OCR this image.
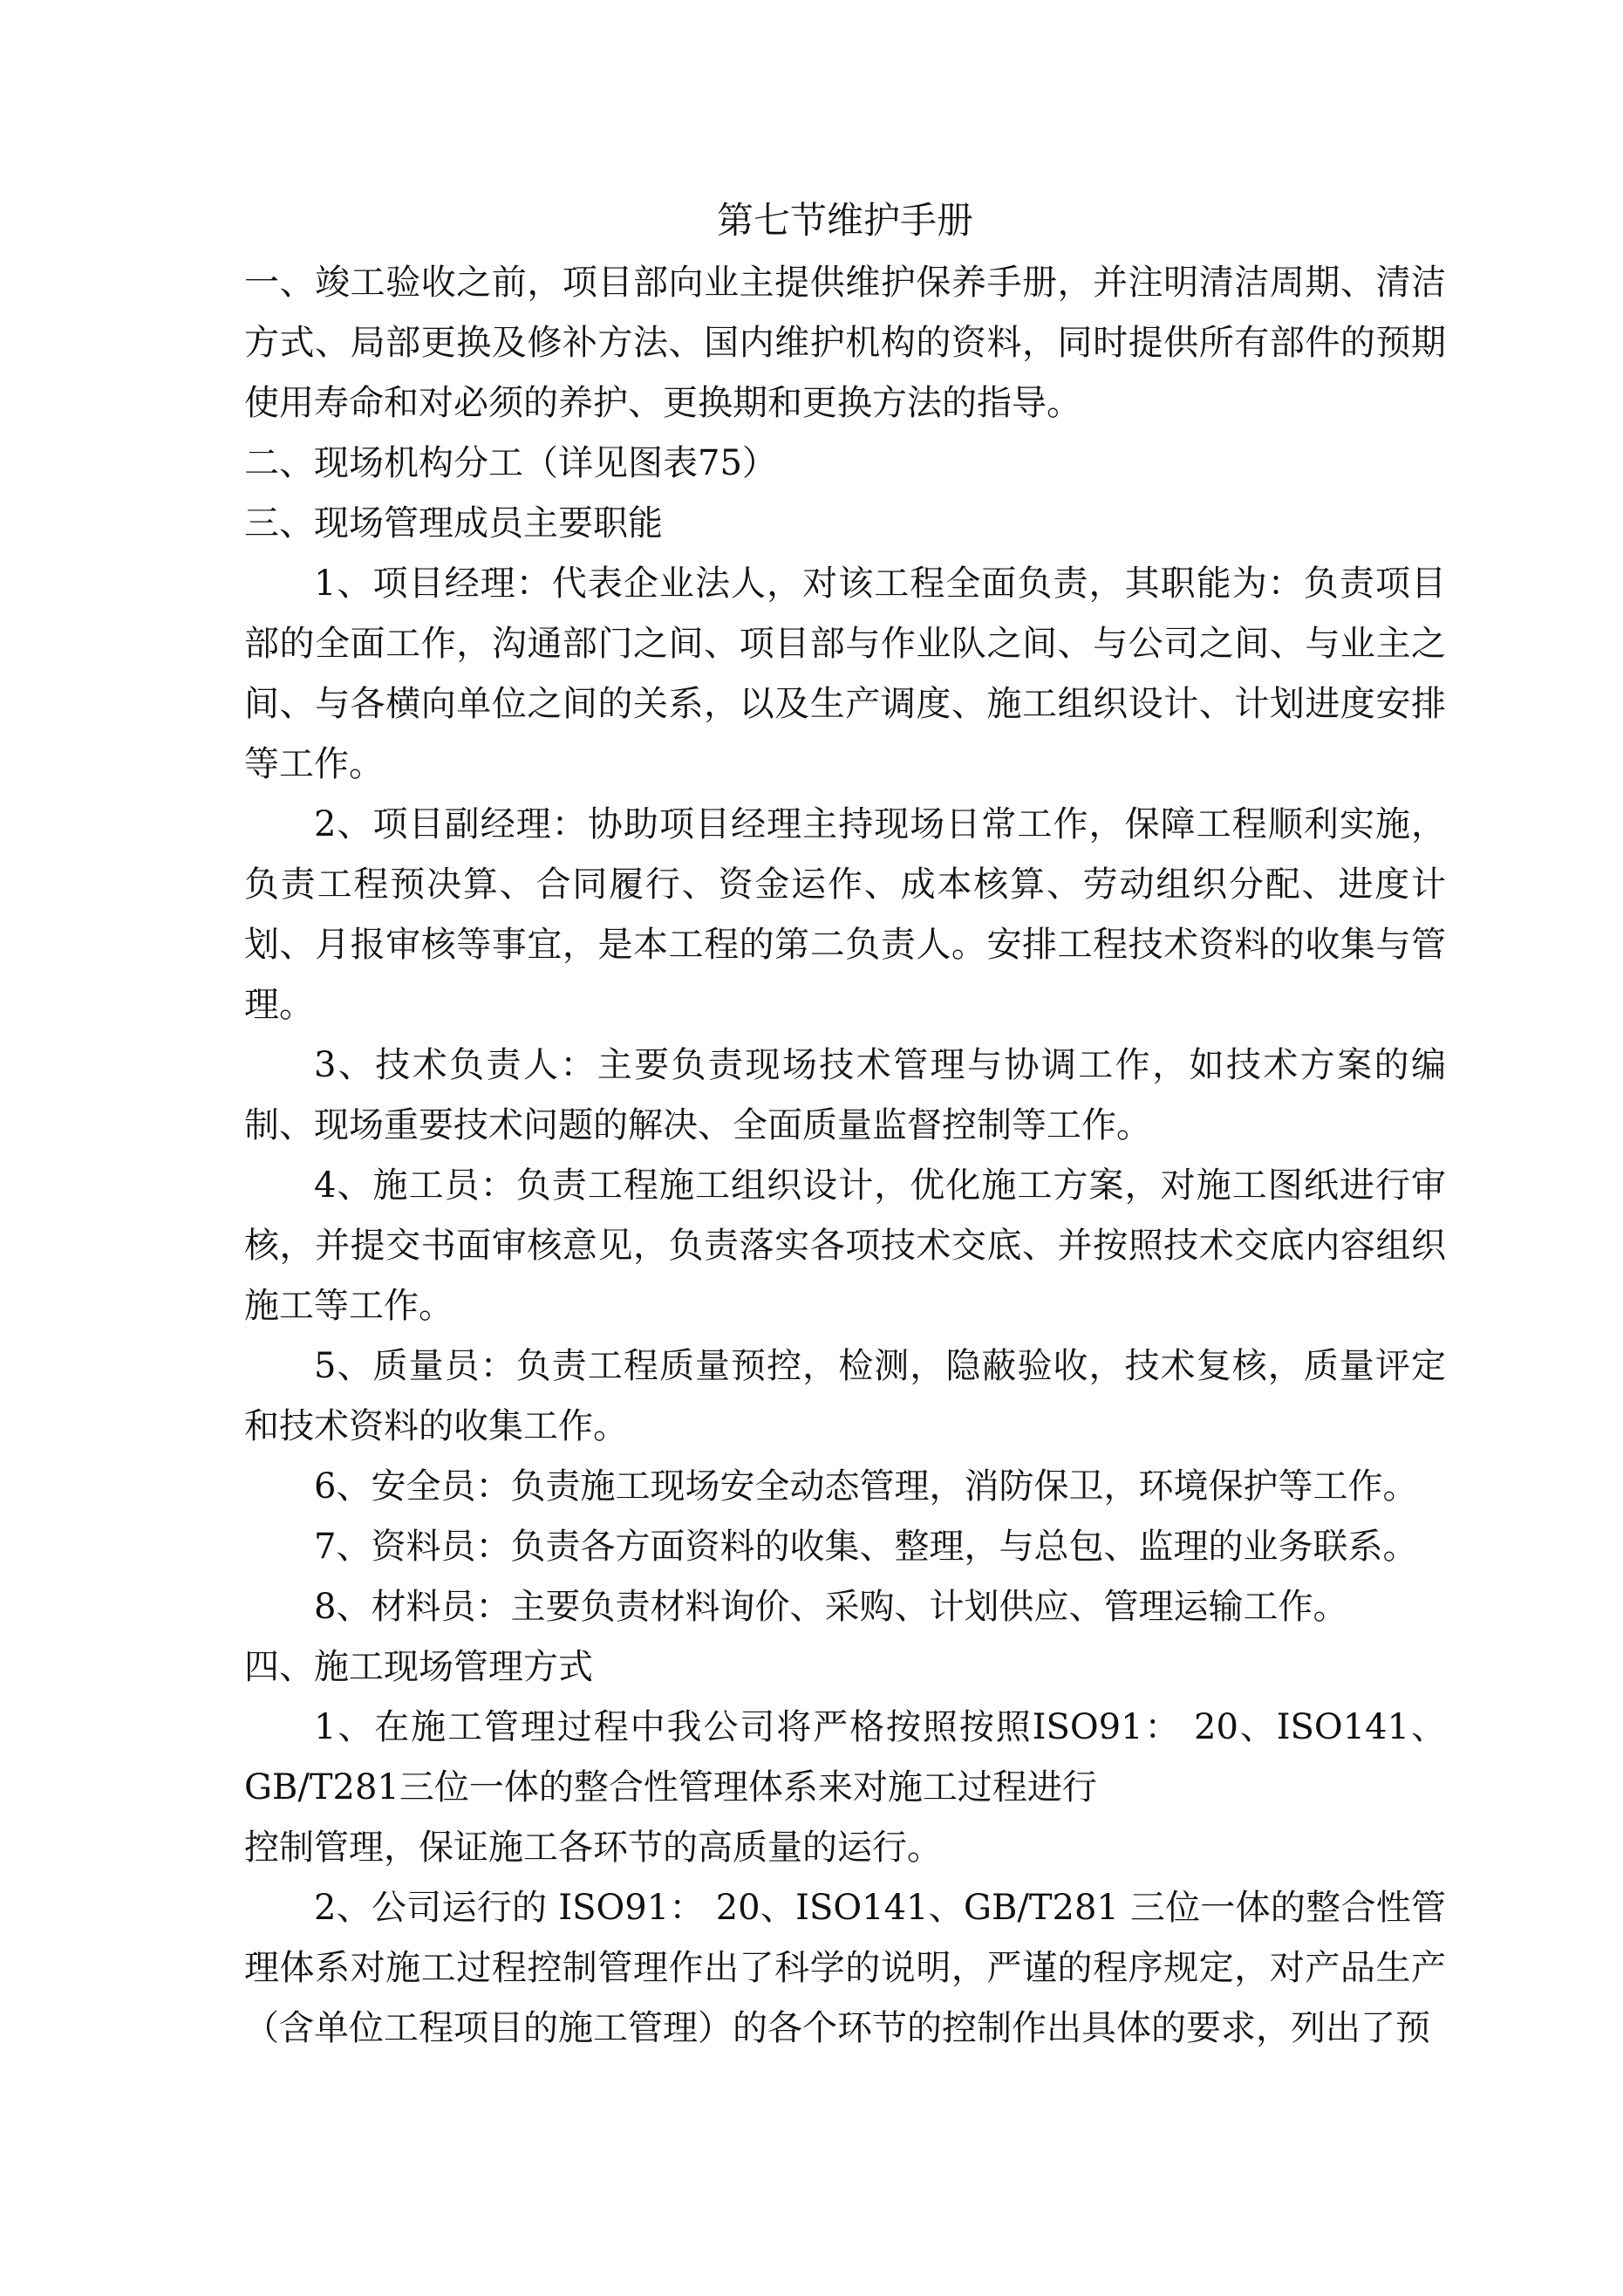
第七节维护手册

一、竣工验收之前，项目部向业主提供维护保养手册，并注明清洁周期、清洁方式、局部更换及修补方法、国内维护机构的资料，同时提供所有部件的预期使用寿命和对必须的养护、更换期和更换方法的指导。

二、现场机构分工（详见图表75）

三、现场管理成员主要职能

1、项目经理：代表企业法人，对该工程全面负责，其职能为：负责项目部的全面工作，沟通部门之间、项目部与作业队之间、与公司之间、与业主之间、与各横向单位之间的关系，以及生产调度、施工组织设计、计划进度安排等工作。

2、项目副经理：协助项目经理主持现场日常工作，保障工程顺利实施，负责工程预决算、合同履行、资金运作、成本核算、劳动组织分配、进度计划、月报审核等事宜，是本工程的第二负责人。安排工程技术资料的收集与管理。

3、技术负责人：主要负责现场技术管理与协调工作，如技术方案的编制、现场重要技术问题的解决、全面质量监督控制等工作。

4、施工员：负责工程施工组织设计，优化施工方案，对施工图纸进行审核，并提交书面审核意见，负责落实各项技术交底、并按照技术交底内容组织施工等工作。

5、质量员：负责工程质量预控，检测，隐蔽验收，技术复核，质量评定和技术资料的收集工作。

6、安全员：负责施工现场安全动态管理，消防保卫，环境保护等工作。

7、资料员：负责各方面资料的收集、整理，与总包、监理的业务联系。

8、材料员：主要负责材料询价、采购、计划供应、管理运输工作。

四、施工现场管理方式

1、在施工管理过程中我公司将严格按照按照ISO91： 20、ISO141、GB/T281三位一体的整合性管理体系来对施工过程进行

控制管理，保证施工各环节的高质量的运行。

2、公司运行的 ISO91： 20、ISO141、GB/T281 三位一体的整合性管理体系对施工过程控制管理作出了科学的说明，严谨的程序规定，对产品生产（含单位工程项目的施工管理）的各个环节的控制作出具体的要求，列出了预
